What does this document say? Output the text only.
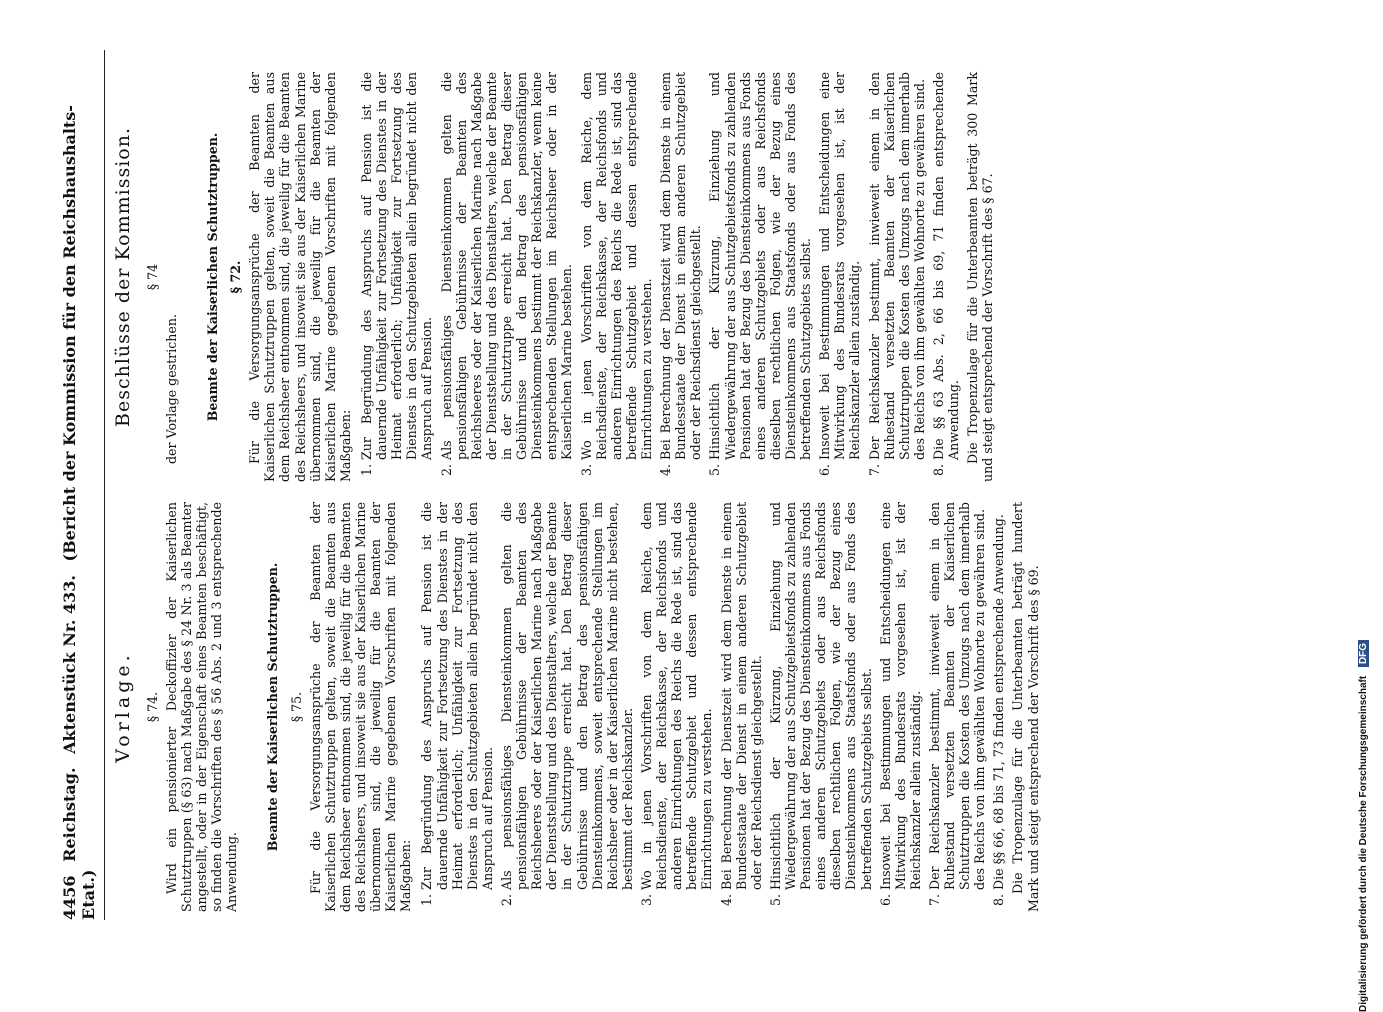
4456 Reichstag. Aktenstück Nr. 433. (Bericht der Kommission für den Reichshaushalts-Etat.)
Vorlage. § 74. Wird ein pensionierter Deckoffizier der Kaiserlichen Schutztruppen (§ 63) nach Maßgabe des § 24 Nr. 3 als Beamter angestellt, oder in der Eigenschaft eines Beamten beschäftigt, so finden die Vorschriften des § 56 Abs. 2 und 3 entsprechende Anwendung.

Beamte der Kaiserlichen Schutztruppen. § 75. Für die Versorgungsansprüche der Beamten der Kaiserlichen Schutztruppen gelten, soweit die Beamten aus dem Reichsheer entnommen sind, die jeweilig für die Beamten des Reichsheers, und insoweit sie aus der Kaiserlichen Marine übernommen sind, die jeweilig für die Beamten der Kaiserlichen Marine gegebenen Vorschriften mit folgenden Maßgaben: 1. Zur Begründung des Anspruchs auf Pension ist die dauernde Unfähigkeit zur Fortsetzung des Dienstes in der Heimat erforderlich; Unfähigkeit zur Fortsetzung des Dienstes in den Schutzgebieten allein begründet nicht den Anspruch auf Pension. 2. Als pensionsfähiges Diensteinkommen gelten die pensionsfähigen Gebührnisse der Beamten des Reichsheeres oder der Kaiserlichen Marine nach Maßgabe der Dienststellung und des Dienstalters, welche der Beamte in der Schutztruppe erreicht hat. Den Betrag dieser Gebührnisse und den Betrag des pensionsfähigen Diensteinkommens, soweit entsprechende Stellungen im Reichsheer oder in der Kaiserlichen Marine nicht bestehen, bestimmt der Reichskanzler. 3. Wo in jenen Vorschriften von dem Reiche, dem Reichsdienste, der Reichskasse, der Reichsfonds und anderen Einrichtungen des Reichs die Rede ist, sind das betreffende Schutzgebiet und dessen entsprechende Einrichtungen zu verstehen. 4. Bei Berechnung der Dienstzeit wird dem Dienste in einem Bundesstaate der Dienst in einem anderen Schutzgebiet oder der Reichsdienst gleichgestellt. 5. Hinsichtlich der Kürzung, Einziehung und Wiedergewährung der aus Schutzgebietsfonds zu zahlenden Pensionen hat der Bezug des Diensteinkommens aus Fonds eines anderen Schutzgebiets oder aus Reichsfonds dieselben rechtlichen Folgen, wie der Bezug eines Diensteinkommens aus Staatsfonds oder aus Fonds des betreffenden Schutzgebiets selbst. 6. Insoweit bei Bestimmungen und Entscheidungen eine Mitwirkung des Bundesrats vorgesehen ist, ist der Reichskanzler allein zuständig. 7. Der Reichskanzler bestimmt, inwieweit einem in den Ruhestand versetzten Beamten der Kaiserlichen Schutztruppen die Kosten des Umzugs nach dem innerhalb des Reichs von ihm gewählten Wohnorte zu gewähren sind. 8. Die §§ 66, 68 bis 71, 73 finden entsprechende Anwendung. Die Tropenzulage für die Unterbeamten beträgt hundert Mark und steigt entsprechend der Vorschrift des § 69.

Beschlüsse der Kommission. § 74

der Vorlage gestrichen. Beamte der Kaiserlichen Schutztruppen. § 72. Für die Versorgungsansprüche der Beamten der Kaiserlichen Schutztruppen gelten, soweit die Beamten aus dem Reichsheer entnommen sind, die jeweilig für die Beamten des Reichsheers, und insoweit sie aus der Kaiserlichen Marine übernommen sind, die jeweilig für die Beamten der Kaiserlichen Marine gegebenen Vorschriften mit folgenden Maßgaben: 1. Zur Begründung des Anspruchs auf Pension ist die dauernde Unfähigkeit zur Fortsetzung des Dienstes in der Heimat erforderlich; Unfähigkeit zur Fortsetzung des Dienstes in den Schutzgebieten allein begründet nicht den Anspruch auf Pension. 2. Als pensionsfähiges Diensteinkommen gelten die pensionsfähigen Gebührnisse der Beamten des Reichsheeres oder der Kaiserlichen Marine nach Maßgabe der Dienststellung und des Dienstalters, welche der Beamte in der Schutztruppe erreicht hat. Den Betrag dieser Gebührnisse und den Betrag des pensionsfähigen Diensteinkommens bestimmt der Reichskanzler, wenn keine entsprechenden Stellungen im Reichsheer oder in der Kaiserlichen Marine bestehen. 3. Wo in jenen Vorschriften von dem Reiche, dem Reichsdienste, der Reichskasse, der Reichsfonds und anderen Einrichtungen des Reichs die Rede ist, sind das betreffende Schutzgebiet und dessen entsprechende Einrichtungen zu verstehen. 4. Bei Berechnung der Dienstzeit wird dem Dienste in einem Bundesstaate der Dienst in einem anderen Schutzgebiet oder der Reichsdienst gleichgestellt. 5. Hinsichtlich der Kürzung, Einziehung und Wiedergewährung der aus Schutzgebietsfonds zu zahlenden Pensionen hat der Bezug des Diensteinkommens aus Fonds eines anderen Schutzgebiets oder aus Reichsfonds dieselben rechtlichen Folgen, wie der Bezug eines Diensteinkommens aus Staatsfonds oder aus Fonds des betreffenden Schutzgebiets selbst. 6. Insoweit bei Bestimmungen und Entscheidungen eine Mitwirkung des Bundesrats vorgesehen ist, ist der Reichskanzler allein zuständig. 7. Der Reichskanzler bestimmt, inwieweit einem in den Ruhestand versetzten Beamten der Kaiserlichen Schutztruppen die Kosten des Umzugs nach dem innerhalb des Reichs von ihm gewählten Wohnorte zu gewähren sind. 8. Die §§ 63 Abs. 2, 66 bis 69, 71 finden entsprechende Anwendung. Die Tropenzulage für die Unterbeamten beträgt 300 Mark und steigt entsprechend der Vorschrift des § 67.

Digitalisierung gefördert durch die Deutsche Forschungsgemeinschaft DFG
